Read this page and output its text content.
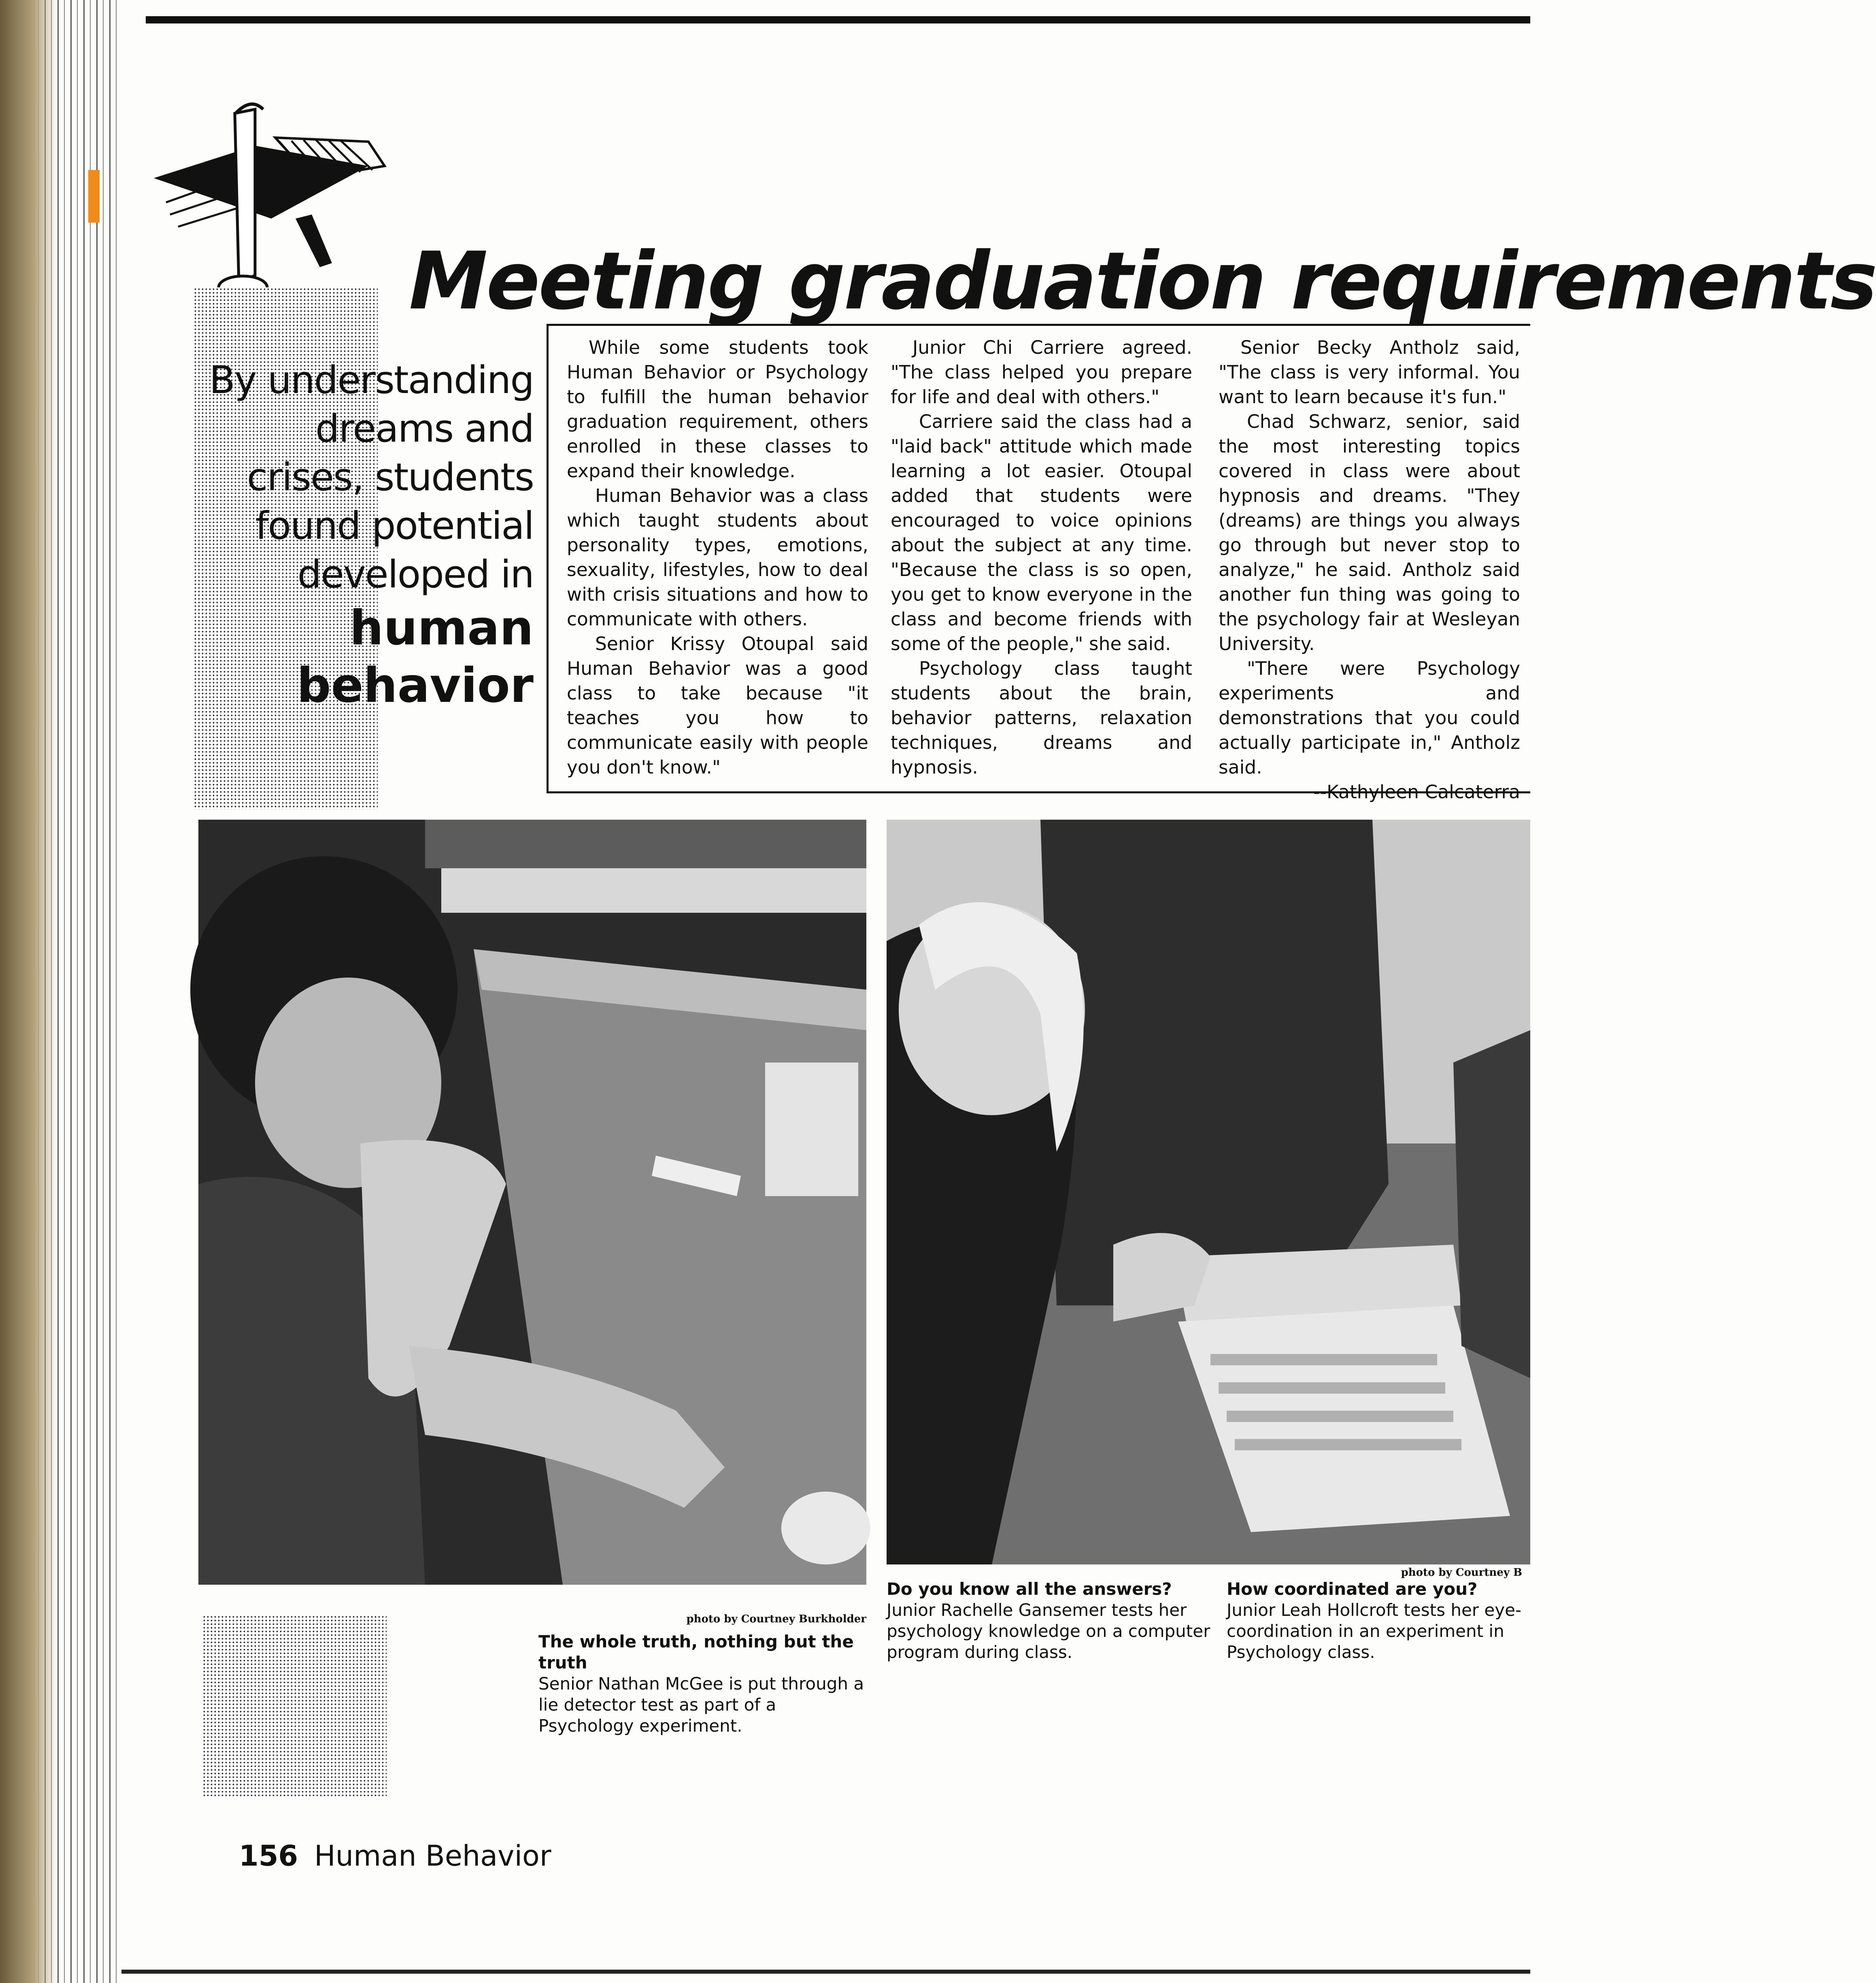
Meeting graduation requirements
By understanding dreams and crises, students found potential developed in
human behavior

While some students took Human Behavior or Psychology to fulfill the human behavior graduation requirement, others enrolled in these classes to expand their knowledge.

Human Behavior was a class which taught students about personality types, emotions, sexuality, lifestyles, how to deal with crisis situations and how to communicate with others.

Senior Krissy Otoupal said Human Behavior was a good class to take because "it teaches you how to communicate easily with people you don't know."

Junior Chi Carriere agreed. "The class helped you prepare for life and deal with others."

Carriere said the class had a "laid back" attitude which made learning a lot easier. Otoupal added that students were encouraged to voice opinions about the subject at any time. "Because the class is so open, you get to know everyone in the class and become friends with some of the people," she said.

Psychology class taught students about the brain, behavior patterns, relaxation techniques, dreams and hypnosis.

Senior Becky Antholz said, "The class is very informal. You want to learn because it's fun."

Chad Schwarz, senior, said the most interesting topics covered in class were about hypnosis and dreams. "They (dreams) are things you always go through but never stop to analyze," he said. Antholz said another fun thing was going to the psychology fair at Wesleyan University.

"There were Psychology experiments and demonstrations that you could actually participate in," Antholz said.

--Kathyleen Calcaterra

photo by Courtney Burkholder
The whole truth, nothing but the truth
Senior Nathan McGee is put through a lie detector test as part of a Psychology experiment.
photo by Courtney B
Do you know all the answers?
Junior Rachelle Gansemer tests her psychology knowledge on a computer program during class.
How coordinated are you?
Junior Leah Hollcroft tests her eye-coordination in an experiment in Psychology class.
156 Human Behavior
